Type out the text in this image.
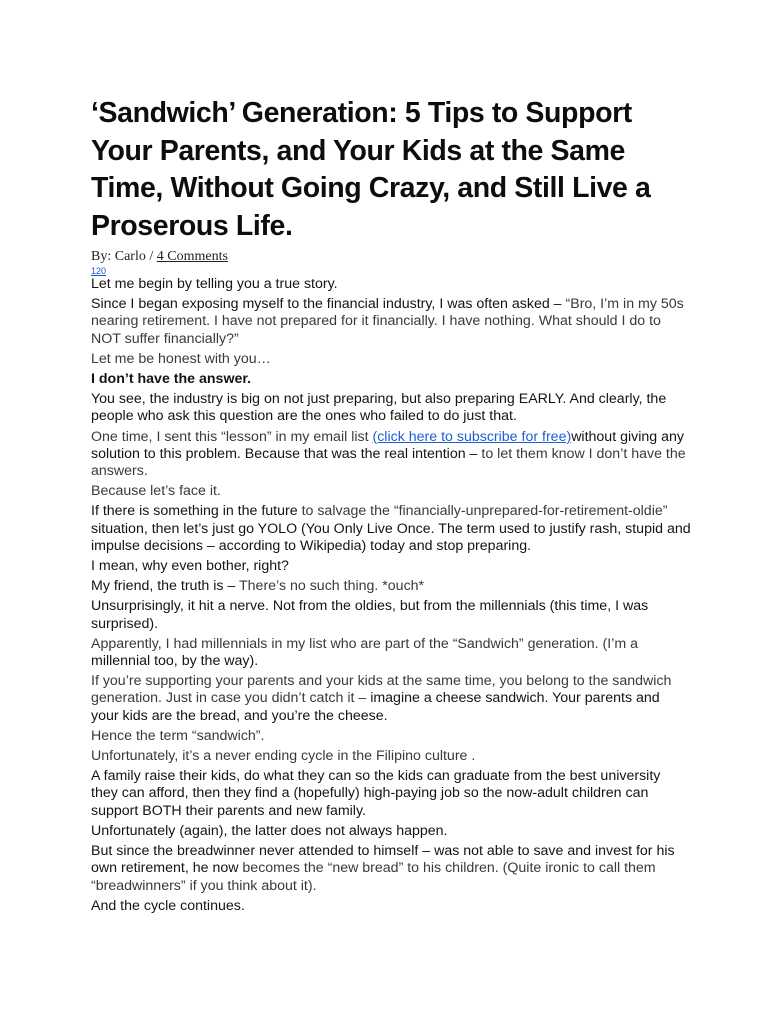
‘Sandwich’ Generation: 5 Tips to Support Your Parents, and Your Kids at the Same Time, Without Going Crazy, and Still Live a Proserous Life.
By: Carlo / 4 Comments
120

Let me begin by telling you a true story.

Since I began exposing myself to the financial industry, I was often asked – “Bro, I’m in my 50s nearing retirement. I have not prepared for it financially. I have nothing. What should I do to NOT suffer financially?”

Let me be honest with you…

I don’t have the answer.

You see, the industry is big on not just preparing, but also preparing EARLY. And clearly, the people who ask this question are the ones who failed to do just that.

One time, I sent this “lesson” in my email list (click here to subscribe for free)without giving any solution to this problem. Because that was the real intention – to let them know I don’t have the answers.

Because let’s face it.

If there is something in the future to salvage the “financially-unprepared-for-retirement-oldie” situation, then let’s just go YOLO (You Only Live Once. The term used to justify rash, stupid and impulse decisions – according to Wikipedia) today and stop preparing.

I mean, why even bother, right?

My friend, the truth is – There’s no such thing. *ouch*

Unsurprisingly, it hit a nerve. Not from the oldies, but from the millennials (this time, I was surprised).

Apparently, I had millennials in my list who are part of the “Sandwich” generation. (I’m a millennial too, by the way).

If you’re supporting your parents and your kids at the same time, you belong to the sandwich generation. Just in case you didn’t catch it – imagine a cheese sandwich. Your parents and your kids are the bread, and you’re the cheese.

Hence the term “sandwich”.

Unfortunately, it’s a never ending cycle in the Filipino culture .

A family raise their kids, do what they can so the kids can graduate from the best university they can afford, then they find a (hopefully) high-paying job so the now-adult children can support BOTH their parents and new family.

Unfortunately (again), the latter does not always happen.

But since the breadwinner never attended to himself – was not able to save and invest for his own retirement, he now becomes the “new bread” to his children. (Quite ironic to call them “breadwinners” if you think about it).

And the cycle continues.
